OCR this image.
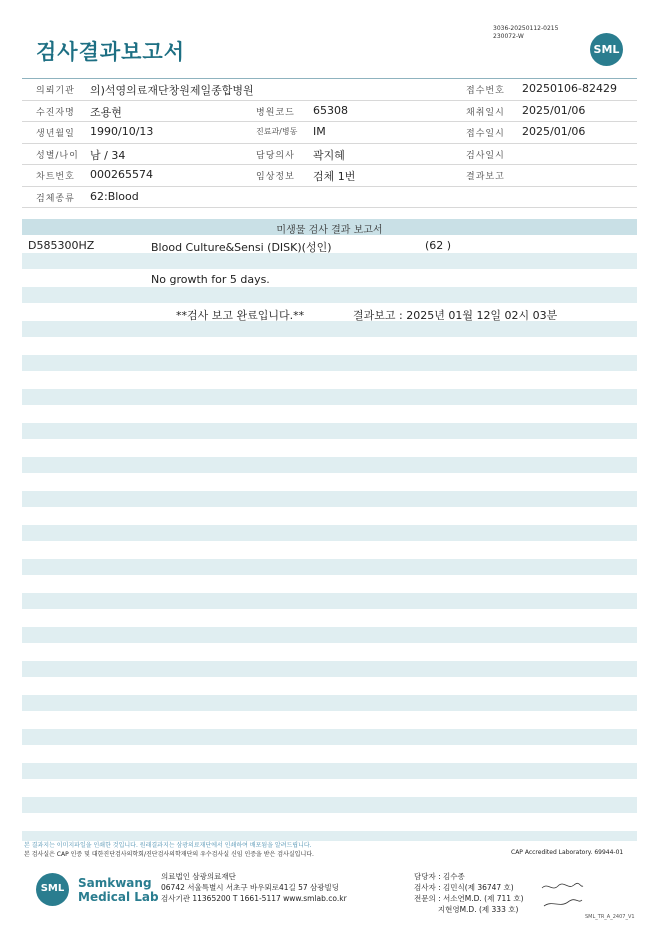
검사결과보고서
3036-20250112-0215
230072-W
SML
의뢰기관 의)석영의료재단창원제일종합병원	접수번호 20250106-82429
수진자명 조용현	병원코드 65308	채취일시 2025/01/06
생년월일 1990/10/13	진료과/병동 IM	접수일시 2025/01/06
성별/나이 남 / 34	담당의사 곽지혜	검사일시
차트번호 000265574	임상정보 검체 1번	결과보고
검체종류 62:Blood
미생물 검사 결과 보고서
D585300HZ	Blood Culture&Sensi (DISK)(성인)	(62 )
No growth for 5 days.
**검사 보고 완료입니다.**	결과보고 : 2025년 01월 12일 02시 03분
본 결과지는 이미지파일을 인쇄한 것입니다. 원래결과지는 삼광의료재단에서 인쇄하여 배포됨을 알려드립니다.
본 검사실은 CAP 인증 및 대한진단검사의학회/진단검사의학재단의 우수검사실 신임 인증을 받은 검사실입니다.	CAP Accredited Laboratory. 69944-01
SML	Samkwang
Medical Lab
의료법인 삼광의료재단
06742 서울특별시 서초구 바우뫼로41길 57 삼광빌딩
검사기관 11365200 T 1661-5117 www.smlab.co.kr
담당자 : 김수종
검사자 : 김민식(제 36747 호)
전문의 : 서소연M.D. (제 711 호)
지현영M.D. (제 333 호)
SML_TR_A_2407_V1
